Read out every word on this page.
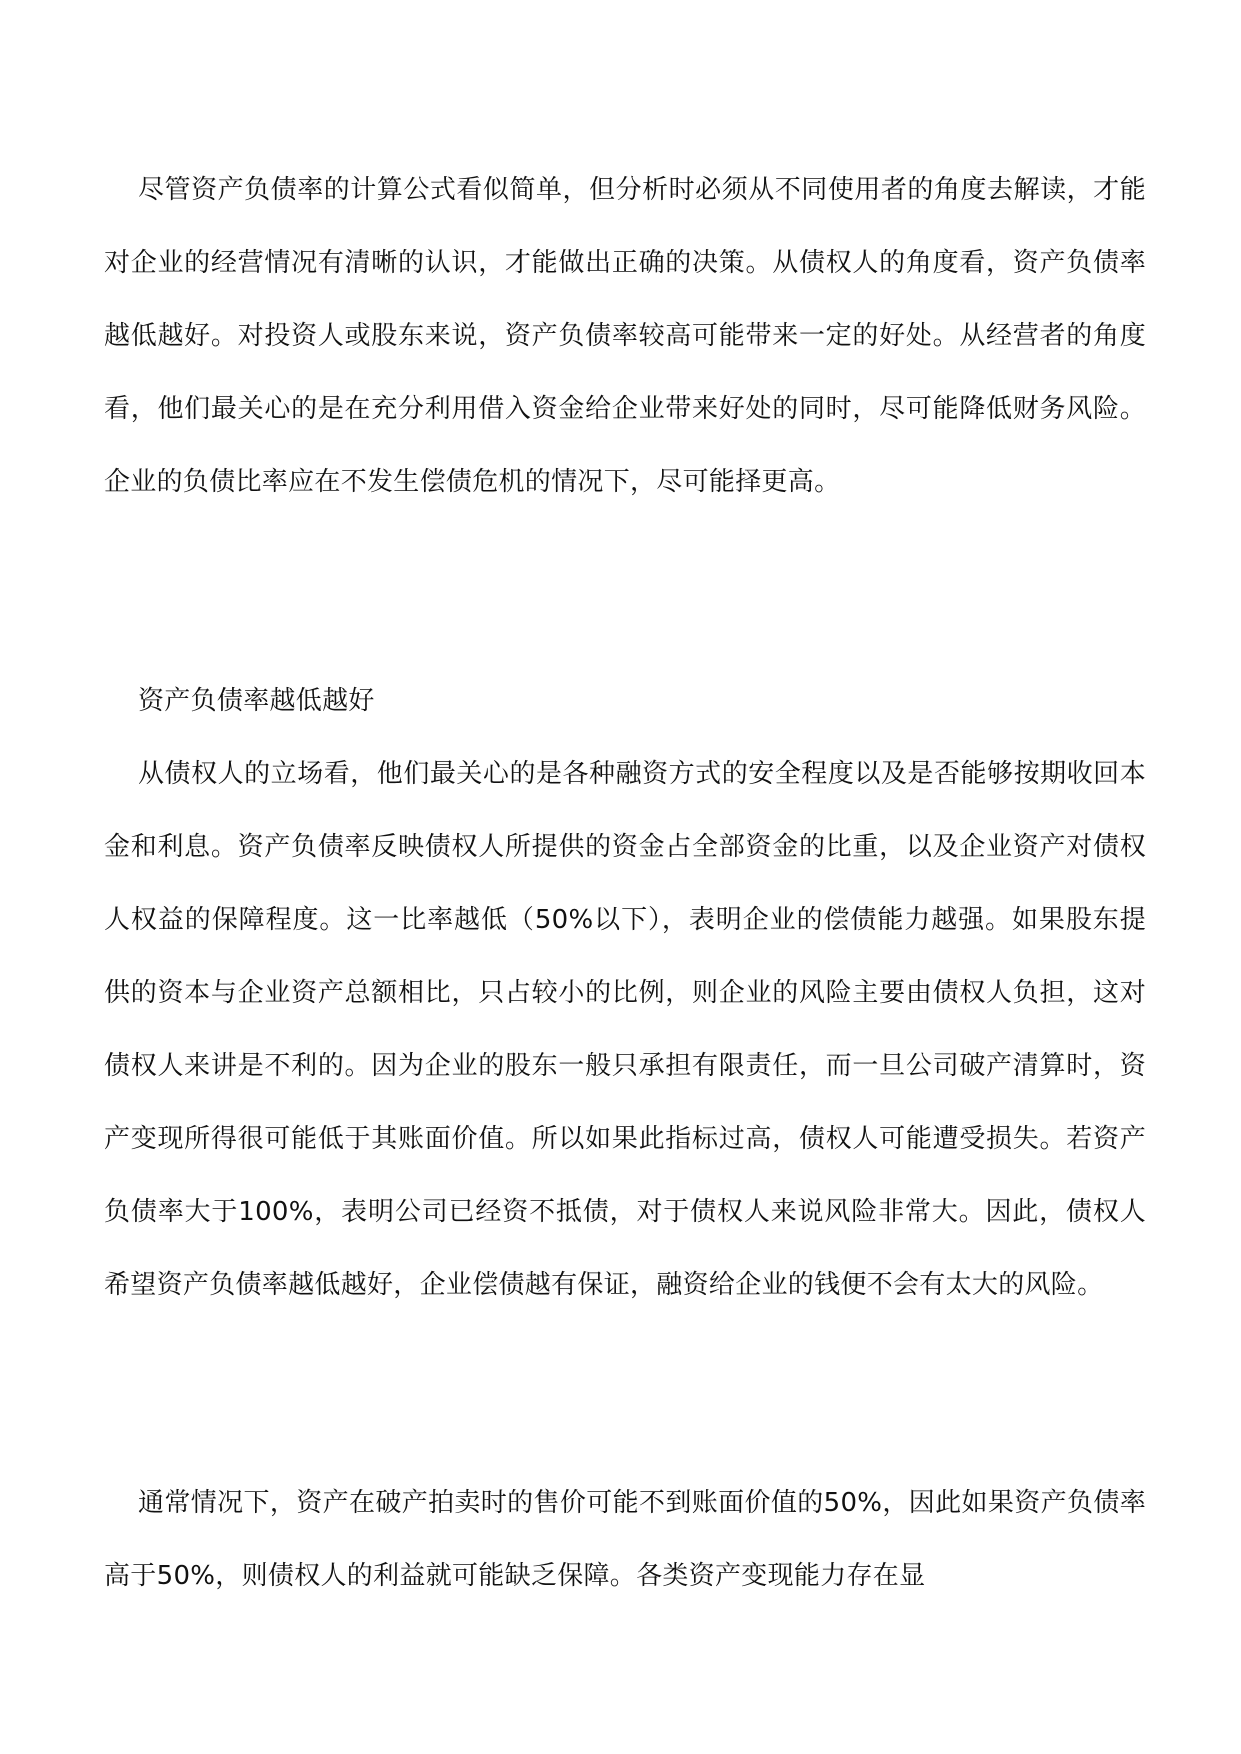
尽管资产负债率的计算公式看似简单，但分析时必须从不同使用者的角度去解读，才能对企业的经营情况有清晰的认识，才能做出正确的决策。从债权人的角度看，资产负债率越低越好。对投资人或股东来说，资产负债率较高可能带来一定的好处。从经营者的角度看，他们最关心的是在充分利用借入资金给企业带来好处的同时，尽可能降低财务风险。企业的负债比率应在不发生偿债危机的情况下，尽可能择更高。

资产负债率越低越好

从债权人的立场看，他们最关心的是各种融资方式的安全程度以及是否能够按期收回本金和利息。资产负债率反映债权人所提供的资金占全部资金的比重，以及企业资产对债权人权益的保障程度。这一比率越低（50%以下），表明企业的偿债能力越强。如果股东提供的资本与企业资产总额相比，只占较小的比例，则企业的风险主要由债权人负担，这对债权人来讲是不利的。因为企业的股东一般只承担有限责任，而一旦公司破产清算时，资产变现所得很可能低于其账面价值。所以如果此指标过高，债权人可能遭受损失。若资产负债率大于100%，表明公司已经资不抵债，对于债权人来说风险非常大。因此，债权人希望资产负债率越低越好，企业偿债越有保证，融资给企业的钱便不会有太大的风险。

通常情况下，资产在破产拍卖时的售价可能不到账面价值的50%，因此如果资产负债率高于50%，则债权人的利益就可能缺乏保障。各类资产变现能力存在显
